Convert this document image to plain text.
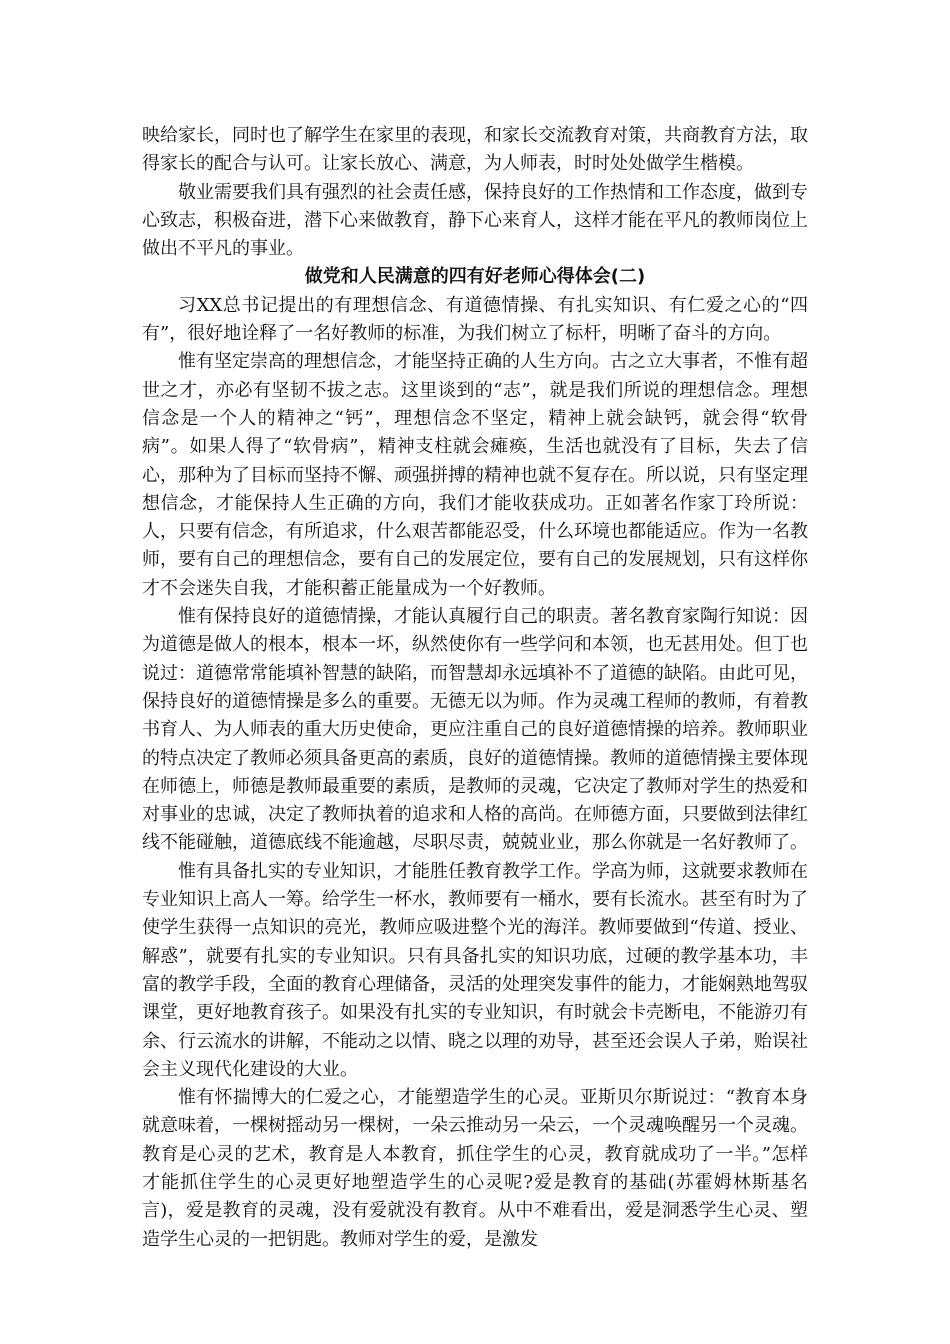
映给家长，同时也了解学生在家里的表现，和家长交流教育对策，共商教育方法，取得家长的配合与认可。让家长放心、满意，为人师表，时时处处做学生楷模。

敬业需要我们具有强烈的社会责任感，保持良好的工作热情和工作态度，做到专心致志，积极奋进，潜下心来做教育，静下心来育人，这样才能在平凡的教师岗位上做出不平凡的事业。

做党和人民满意的四有好老师心得体会(二)

习XX总书记提出的有理想信念、有道德情操、有扎实知识、有仁爱之心的“四有”，很好地诠释了一名好教师的标准，为我们树立了标杆，明晰了奋斗的方向。

惟有坚定崇高的理想信念，才能坚持正确的人生方向。古之立大事者，不惟有超世之才，亦必有坚韧不拔之志。这里谈到的“志”，就是我们所说的理想信念。理想信念是一个人的精神之“钙”，理想信念不坚定，精神上就会缺钙，就会得“软骨病”。如果人得了“软骨病”，精神支柱就会瘫痪，生活也就没有了目标，失去了信心，那种为了目标而坚持不懈、顽强拼搏的精神也就不复存在。所以说，只有坚定理想信念，才能保持人生正确的方向，我们才能收获成功。正如著名作家丁玲所说：人，只要有信念，有所追求，什么艰苦都能忍受，什么环境也都能适应。作为一名教师，要有自己的理想信念，要有自己的发展定位，要有自己的发展规划，只有这样你才不会迷失自我，才能积蓄正能量成为一个好教师。

惟有保持良好的道德情操，才能认真履行自己的职责。著名教育家陶行知说：因为道德是做人的根本，根本一坏，纵然使你有一些学问和本领，也无甚用处。但丁也说过：道德常常能填补智慧的缺陷，而智慧却永远填补不了道德的缺陷。由此可见，保持良好的道德情操是多么的重要。无德无以为师。作为灵魂工程师的教师，有着教书育人、为人师表的重大历史使命，更应注重自己的良好道德情操的培养。教师职业的特点决定了教师必须具备更高的素质，良好的道德情操。教师的道德情操主要体现在师德上，师德是教师最重要的素质，是教师的灵魂，它决定了教师对学生的热爱和对事业的忠诚，决定了教师执着的追求和人格的高尚。在师德方面，只要做到法律红线不能碰触，道德底线不能逾越，尽职尽责，兢兢业业，那么你就是一名好教师了。

惟有具备扎实的专业知识，才能胜任教育教学工作。学高为师，这就要求教师在专业知识上高人一筹。给学生一杯水，教师要有一桶水，要有长流水。甚至有时为了使学生获得一点知识的亮光，教师应吸进整个光的海洋。教师要做到“传道、授业、解惑”，就要有扎实的专业知识。只有具备扎实的知识功底，过硬的教学基本功，丰富的教学手段，全面的教育心理储备，灵活的处理突发事件的能力，才能娴熟地驾驭课堂，更好地教育孩子。如果没有扎实的专业知识，有时就会卡壳断电，不能游刃有余、行云流水的讲解，不能动之以情、晓之以理的劝导，甚至还会误人子弟，贻误社会主义现代化建设的大业。

惟有怀揣博大的仁爱之心，才能塑造学生的心灵。亚斯贝尔斯说过：“教育本身就意味着，一棵树摇动另一棵树，一朵云推动另一朵云，一个灵魂唤醒另一个灵魂。教育是心灵的艺术，教育是人本教育，抓住学生的心灵，教育就成功了一半。”怎样才能抓住学生的心灵更好地塑造学生的心灵呢?爱是教育的基础(苏霍姆林斯基名言)，爱是教育的灵魂，没有爱就没有教育。从中不难看出，爱是洞悉学生心灵、塑造学生心灵的一把钥匙。教师对学生的爱，是激发
